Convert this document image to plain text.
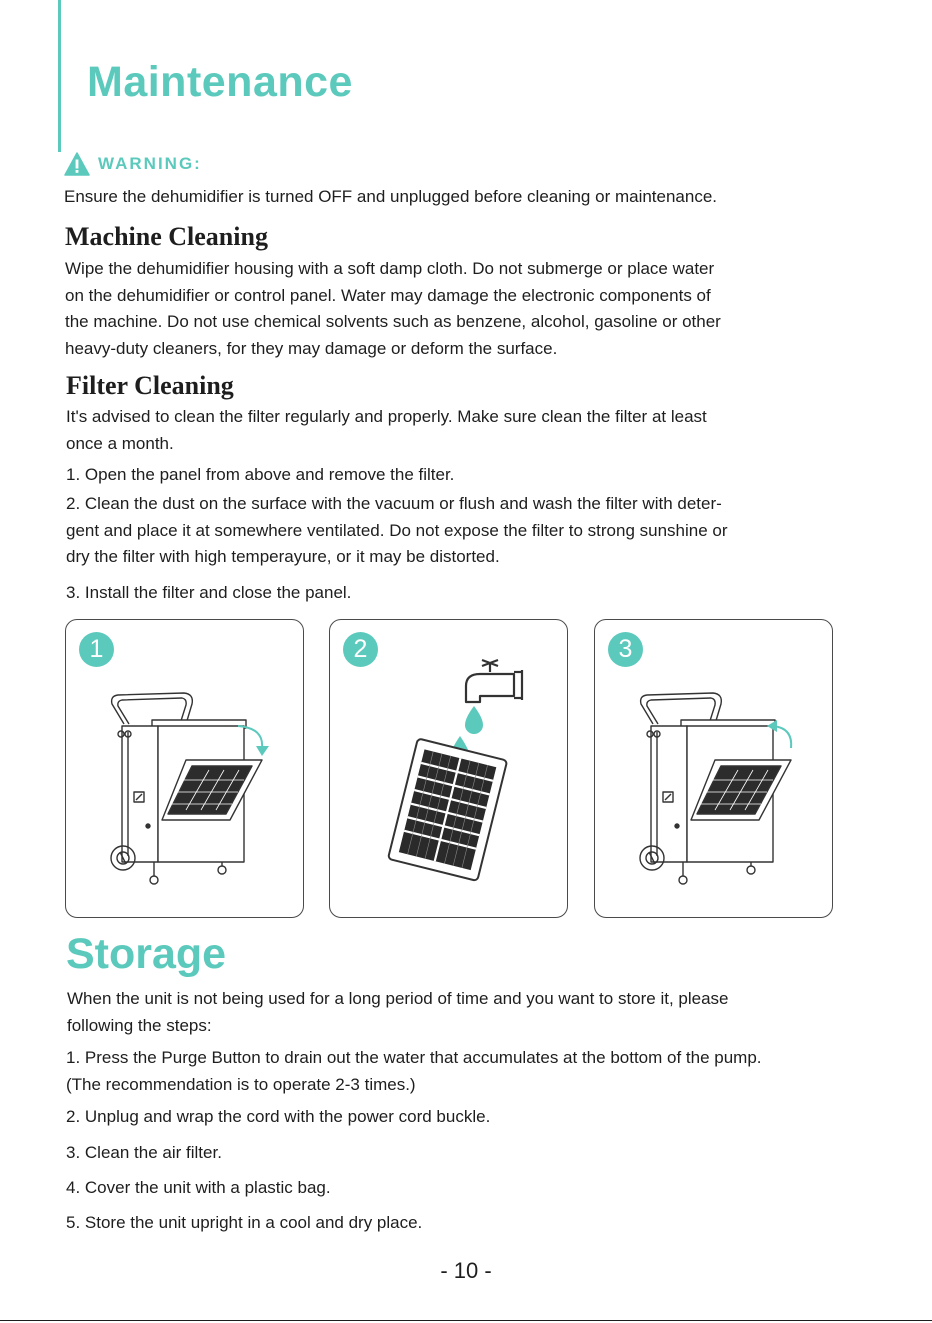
Maintenance
WARNING:

Ensure the dehumidifier is turned OFF and unplugged before cleaning or maintenance.

Machine Cleaning

Wipe the dehumidifier housing with a soft damp cloth. Do not submerge or place water
on the dehumidifier or control panel. Water may damage the electronic components of
the machine. Do not use chemical solvents such as benzene, alcohol, gasoline or other
heavy-duty cleaners, for they may damage or deform the surface.

Filter Cleaning

It's advised to clean the filter regularly and properly. Make sure clean the filter at least
once a month.

1. Open the panel from above and remove the filter.

2. Clean the dust on the surface with the vacuum or flush and wash the filter with deter-
gent and place it at somewhere ventilated. Do not expose the filter to strong sunshine or
dry the filter with high temperayure, or it may be distorted.

3. Install the filter and close the panel.

1	2	3
Storage

When the unit is not being used for a long period of time and you want to store it, please
following the steps:

1. Press the Purge Button to drain out the water that accumulates at the bottom of the pump.
(The recommendation is to operate 2-3 times.)

2. Unplug and wrap the cord with the power cord buckle.

3. Clean the air filter.

4. Cover the unit with a plastic bag.

5. Store the unit upright in a cool and dry place.

- 10 -
